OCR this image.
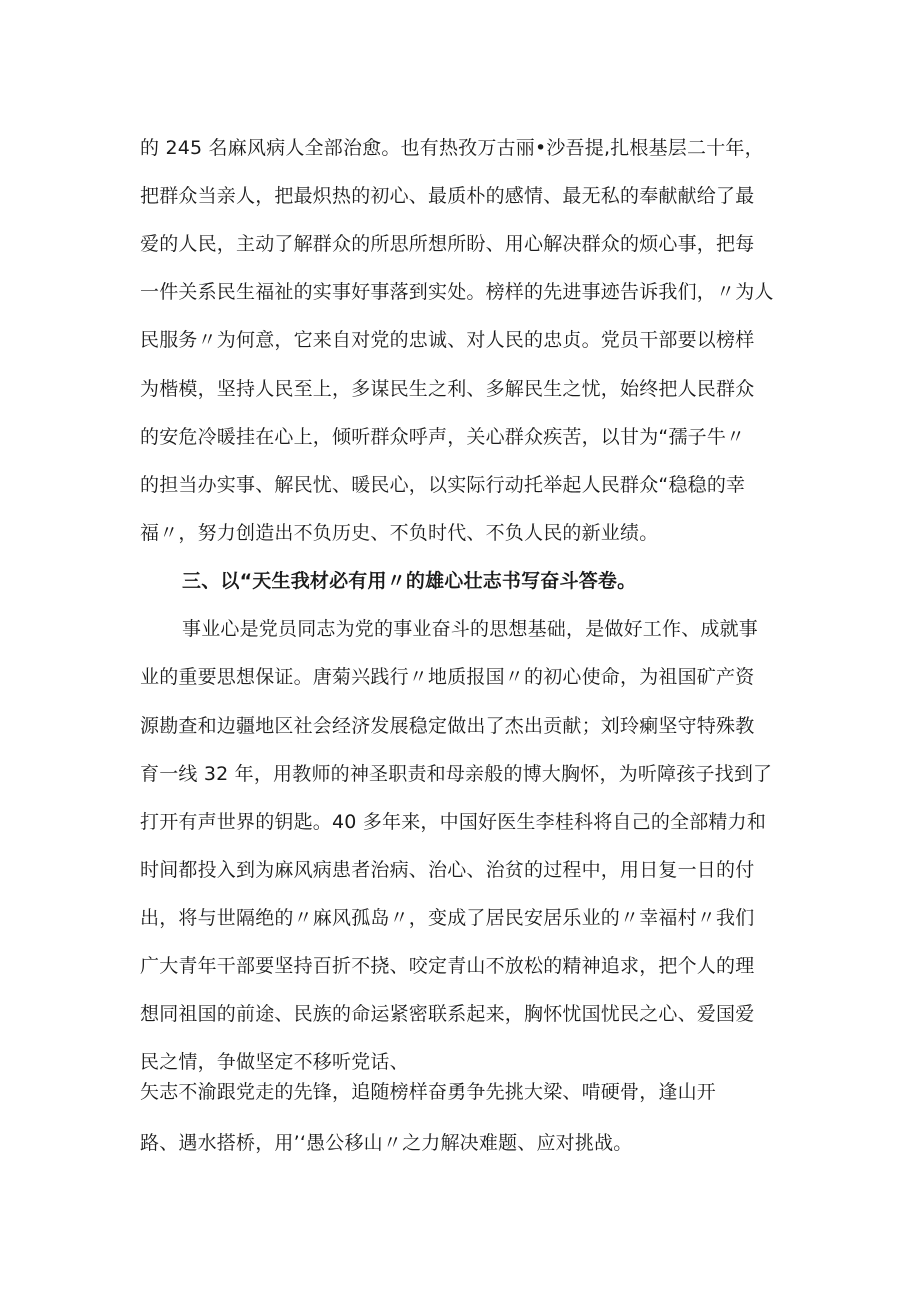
的 245 名麻风病人全部治愈。也有热孜万古丽•沙吾提,扎根基层二十年，
把群众当亲人，把最炽热的初心、最质朴的感情、最无私的奉献献给了最
爱的人民，主动了解群众的所思所想所盼、用心解决群众的烦心事，把每
一件关系民生福祉的实事好事落到实处。榜样的先进事迹告诉我们，〃为人
民服务〃为何意，它来自对党的忠诚、对人民的忠贞。党员干部要以榜样
为楷模，坚持人民至上，多谋民生之利、多解民生之忧，始终把人民群众
的安危冷暖挂在心上，倾听群众呼声，关心群众疾苦，以甘为“孺子牛〃
的担当办实事、解民忧、暖民心，以实际行动托举起人民群众“稳稳的幸
福〃，努力创造出不负历史、不负时代、不负人民的新业绩。
三、以“天生我材必有用〃的雄心壮志书写奋斗答卷。
事业心是党员同志为党的事业奋斗的思想基础，是做好工作、成就事
业的重要思想保证。唐菊兴践行〃地质报国〃的初心使命，为祖国矿产资
源勘查和边疆地区社会经济发展稳定做出了杰出贡献；刘玲瘌坚守特殊教
育一线 32 年，用教师的神圣职责和母亲般的博大胸怀，为听障孩子找到了
打开有声世界的钥匙。40 多年来，中国好医生李桂科将自己的全部精力和
时间都投入到为麻风病患者治病、治心、治贫的过程中，用日复一日的付
出，将与世隔绝的〃麻风孤岛〃，变成了居民安居乐业的〃幸福村〃我们
广大青年干部要坚持百折不挠、咬定青山不放松的精神追求，把个人的理
想同祖国的前途、民族的命运紧密联系起来，胸怀忧国忧民之心、爱国爱
民之情，争做坚定不移听党话、
矢志不渝跟党走的先锋，追随榜样奋勇争先挑大梁、啃硬骨，逢山开
路、遇水搭桥，用’‘愚公移山〃之力解决难题、应对挑战。
